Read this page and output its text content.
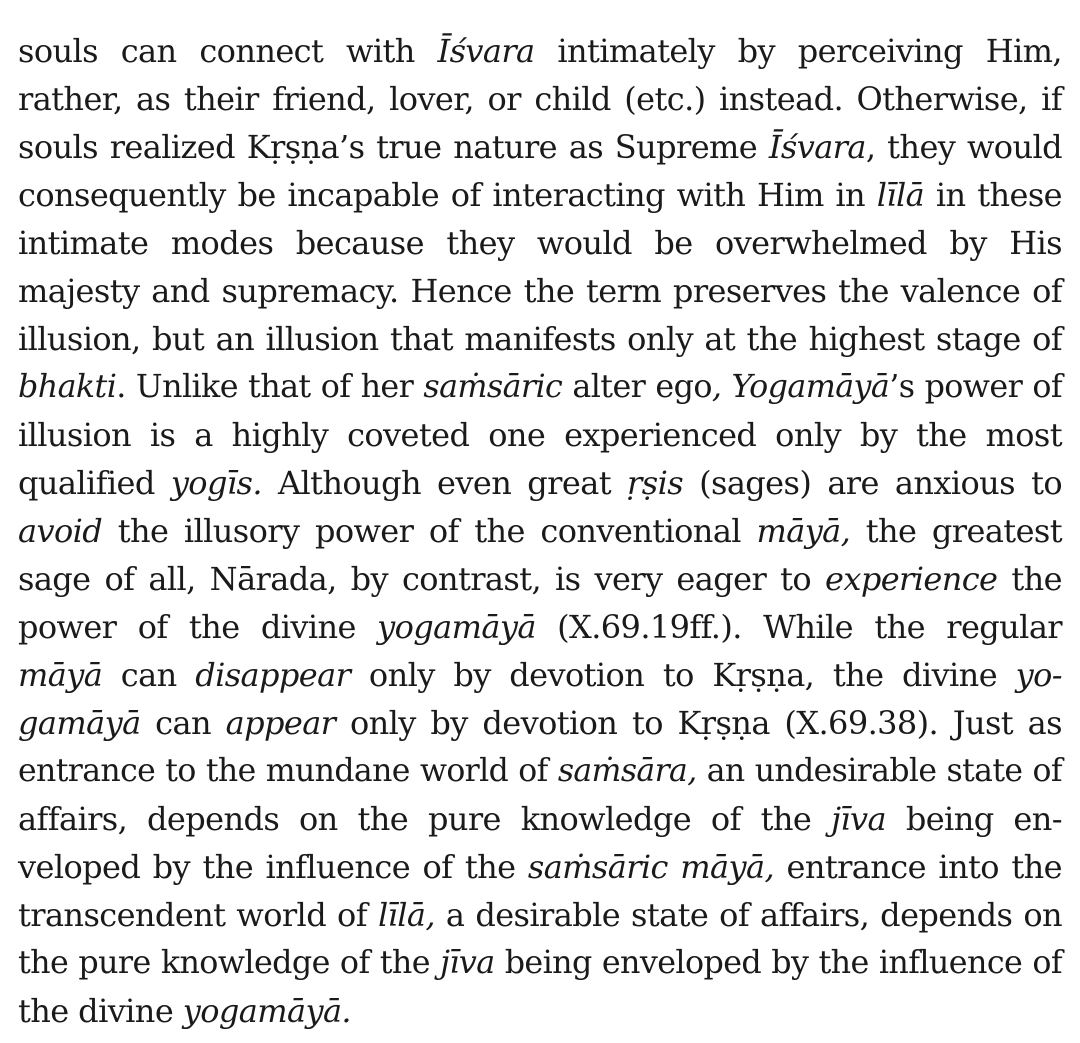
souls can connect with Īśvara intimately by perceiving Him,
rather, as their friend, lover, or child (etc.) instead. Otherwise, if
souls realized Kṛṣṇa’s true nature as Supreme Īśvara, they would
consequently be incapable of interacting with Him in līlā in these
intimate modes because they would be overwhelmed by His
majesty and supremacy. Hence the term preserves the valence of
illusion, but an illusion that manifests only at the highest stage of
bhakti. Unlike that of her saṁsāric alter ego, Yogamāyā’s power of
illusion is a highly coveted one experienced only by the most
qualified yogīs. Although even great ṛṣis (sages) are anxious to
avoid the illusory power of the conventional māyā, the greatest
sage of all, Nārada, by contrast, is very eager to experience the
power of the divine yogamāyā (X.69.19ff.). While the regular
māyā can disappear only by devotion to Kṛṣṇa, the divine yo-
gamāyā can appear only by devotion to Kṛṣṇa (X.69.38). Just as
entrance to the mundane world of saṁsāra, an undesirable state of
affairs, depends on the pure knowledge of the jīva being en-
veloped by the influence of the saṁsāric māyā, entrance into the
transcendent world of līlā, a desirable state of affairs, depends on
the pure knowledge of the jīva being enveloped by the influence of
the divine yogamāyā.
